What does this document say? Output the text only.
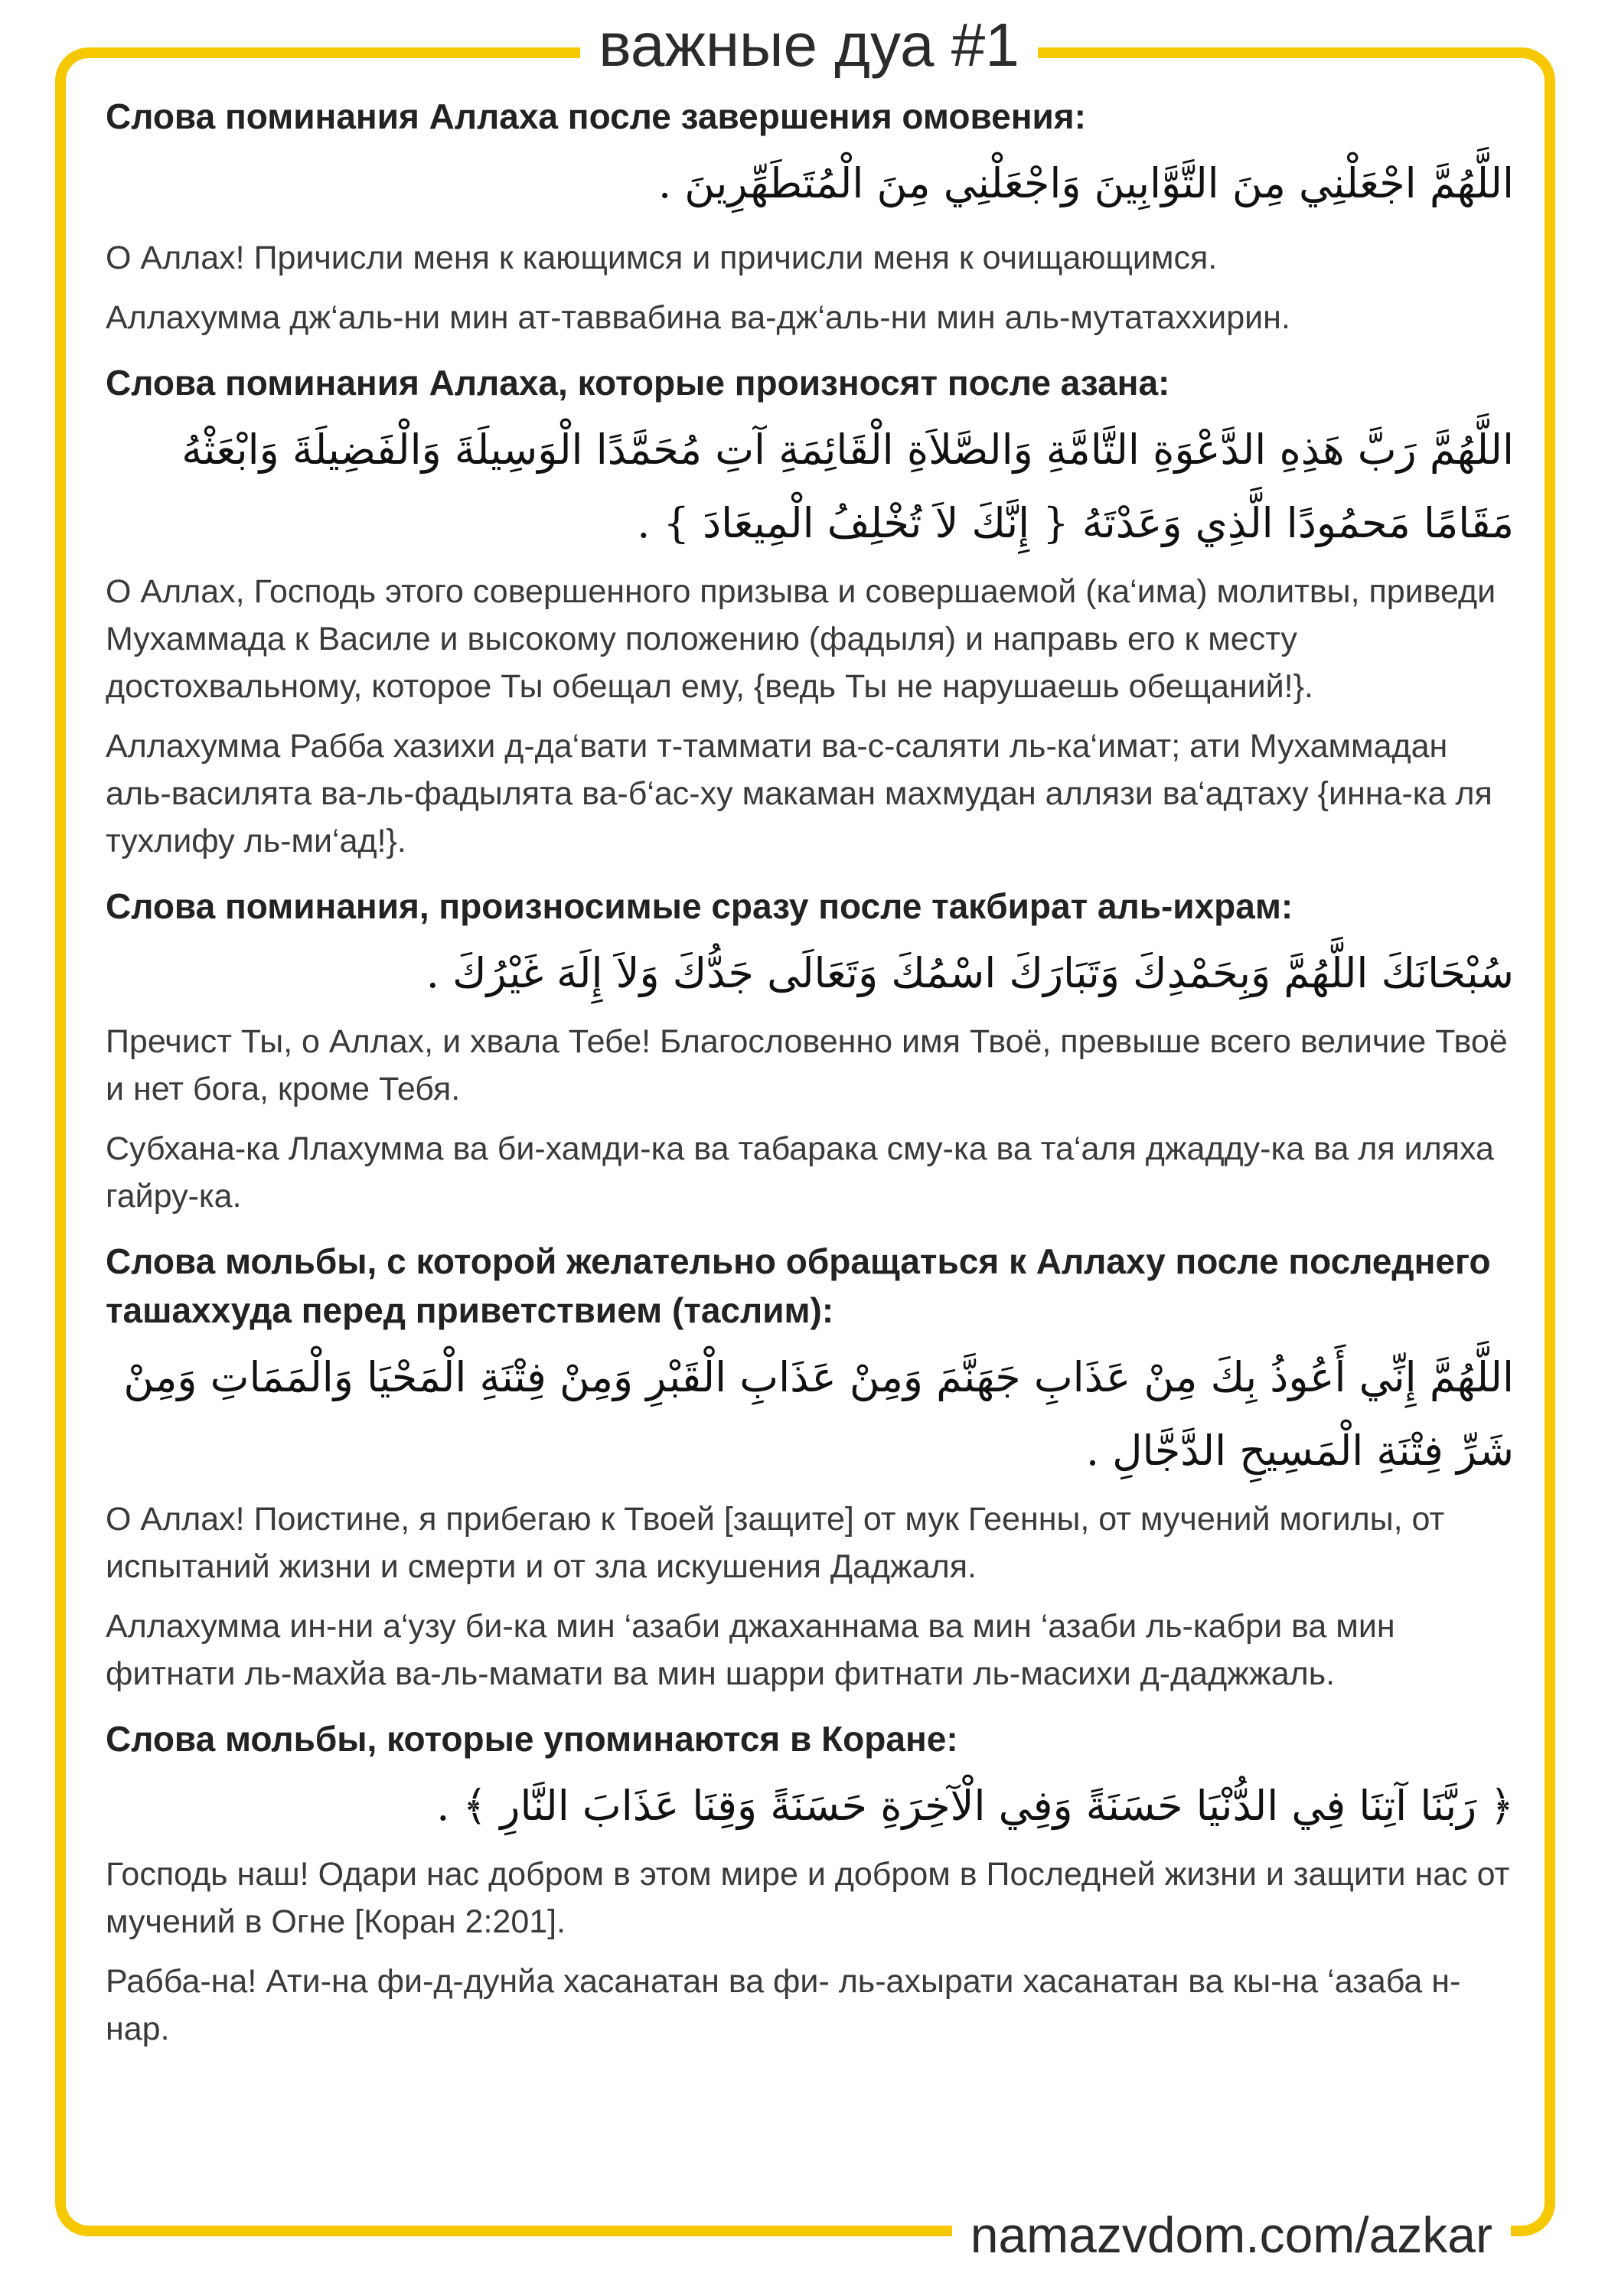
важные дуа #1
Слова поминания Аллаха после завершения омовения:
اللَّهُمَّ اجْعَلْنِي مِنَ التَّوَّابِينَ وَاجْعَلْنِي مِنَ الْمُتَطَهِّرِينَ .
О Аллах! Причисли меня к кающимся и причисли меня к очищающимся.
Аллахумма дж‘аль-ни мин ат-таввабина ва-дж‘аль-ни мин аль-мутатаххирин.
Слова поминания Аллаха, которые произносят после азана:
اللَّهُمَّ رَبَّ هَذِهِ الدَّعْوَةِ التَّامَّةِ وَالصَّلاَةِ الْقَائِمَةِ آتِ مُحَمَّدًا الْوَسِيلَةَ وَالْفَضِيلَةَ وَابْعَثْهُ مَقَامًا مَحمُودًا الَّذِي وَعَدْتَهُ { إِنَّكَ لاَ تُخْلِفُ الْمِيعَادَ } .
О Аллах, Господь этого совершенного призыва и совершаемой (ка‘има) молитвы, приведи Мухаммада к Василе и высокому положению (фадыля) и направь его к месту достохвальному, которое Ты обещал ему, {ведь Ты не нарушаешь обещаний!}.
Аллахумма Рабба хазихи д-да‘вати т-таммати ва-с-саляти ль-ка‘имат; ати Мухаммадан аль-василята ва-ль-фадылята ва-б‘ас-ху макаман махмудан аллязи ва‘адтаху {инна-ка ля тухлифу ль-ми‘ад!}.
Слова поминания, произносимые сразу после такбират аль-ихрам:
سُبْحَانَكَ اللَّهُمَّ وَبِحَمْدِكَ وَتَبَارَكَ اسْمُكَ وَتَعَالَى جَدُّكَ وَلاَ إِلَهَ غَيْرُكَ .
Пречист Ты, о Аллах, и хвала Тебе! Благословенно имя Твоё, превыше всего величие Твоё и нет бога, кроме Тебя.
Субхана-ка Ллахумма ва би-хамди-ка ва табарака сму-ка ва та‘аля джадду-ка ва ля иляха гайру-ка.
Слова мольбы, с которой желательно обращаться к Аллаху после последнего ташаххуда перед приветствием (таслим):
اللَّهُمَّ إِنِّي أَعُوذُ بِكَ مِنْ عَذَابِ جَهَنَّمَ وَمِنْ عَذَابِ الْقَبْرِ وَمِنْ فِتْنَةِ الْمَحْيَا وَالْمَمَاتِ وَمِنْ شَرِّ فِتْنَةِ الْمَسِيحِ الدَّجَّالِ .
О Аллах! Поистине, я прибегаю к Твоей [защите] от мук Геенны, от мучений могилы, от испытаний жизни и смерти и от зла искушения Даджаля.
Аллахумма ин-ни а‘узу би-ка мин ‘азаби джаханнама ва мин ‘азаби ль-кабри ва мин фитнати ль-махйа ва-ль-мамати ва мин шарри фитнати ль-масихи д-даджжаль.
Слова мольбы, которые упоминаются в Коране:
﴿ رَبَّنَا آتِنَا فِي الدُّنْيَا حَسَنَةً وَفِي الْآخِرَةِ حَسَنَةً وَقِنَا عَذَابَ النَّارِ ﴾ .
Господь наш! Одари нас добром в этом мире и добром в Последней жизни и защити нас от мучений в Огне [Коран 2:201].
Рабба-на! Ати-на фи-д-дунйа хасанатан ва фи- ль-ахырати хасанатан ва кы-на ‘азаба н-нар.
namazvdom.com/azkar
